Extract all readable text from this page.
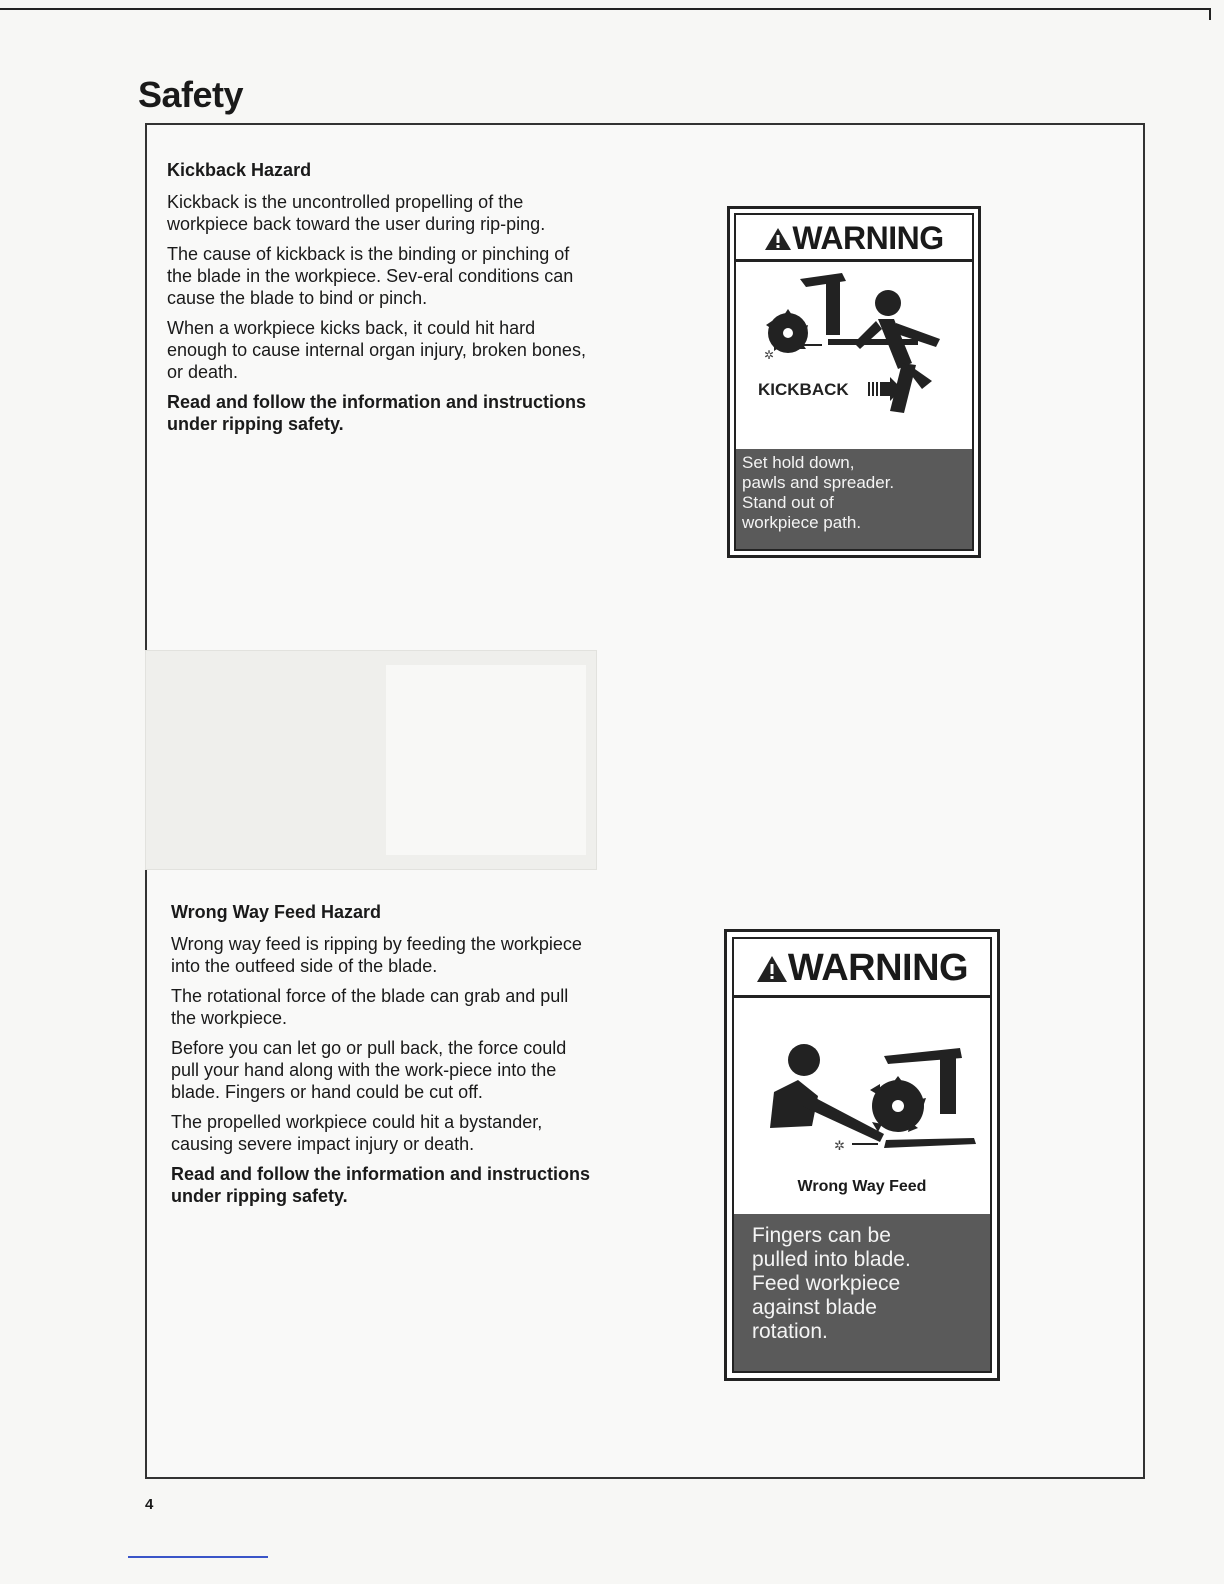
Safety
Kickback Hazard

Kickback is the uncontrolled propelling of the workpiece back toward the user during rip-ping.

The cause of kickback is the binding or pinching of the blade in the workpiece. Sev-eral conditions can cause the blade to bind or pinch.

When a workpiece kicks back, it could hit hard enough to cause internal organ injury, broken bones, or death.

Read and follow the information and instructions under ripping safety.

WARNING
✲
KICKBACK
Set hold down,
pawls and spreader.
Stand out of
workpiece path.
Wrong Way Feed Hazard

Wrong way feed is ripping by feeding the workpiece into the outfeed side of the blade.

The rotational force of the blade can grab and pull the workpiece.

Before you can let go or pull back, the force could pull your hand along with the work-piece into the blade. Fingers or hand could be cut off.

The propelled workpiece could hit a bystander, causing severe impact injury or death.

Read and follow the information and instructions under ripping safety.

WARNING
✲
Wrong Way Feed
Fingers can be
pulled into blade.
Feed workpiece
against blade
rotation.
4
